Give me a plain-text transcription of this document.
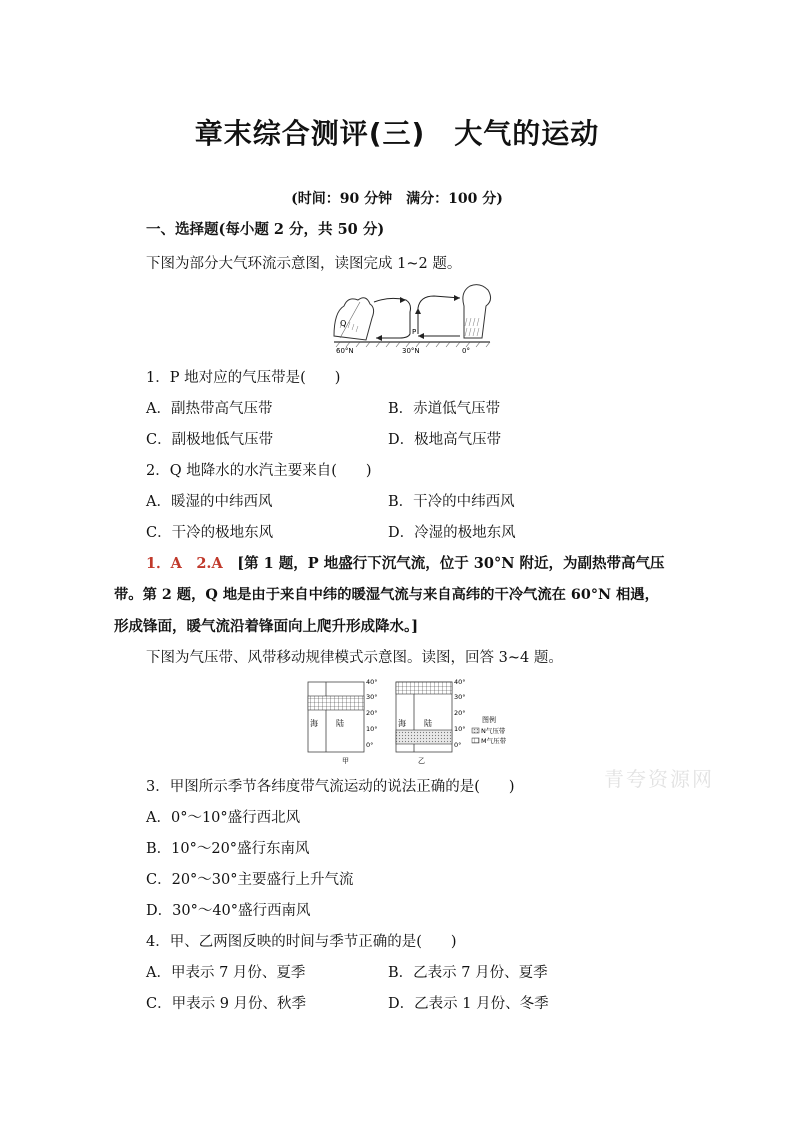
章末综合测评(三)　大气的运动
(时间：90 分钟　满分：100 分)
一、选择题(每小题 2 分，共 50 分)
下图为部分大气环流示意图，读图完成 1~2 题。
Q
P
60°N	30°N	0°
1．P 地对应的气压带是(　　)
A．副热带高气压带	B．赤道低气压带
C．副极地低气压带	D．极地高气压带
2．Q 地降水的水汽主要来自(　　)
A．暖湿的中纬西风	B．干冷的中纬西风
C．干冷的极地东风	D．冷湿的极地东风
1．A　2.A　 [第 1 题，P 地盛行下沉气流，位于 30°N 附近，为副热带高气压
带。第 2 题，Q 地是由于来自中纬的暖湿气流与来自高纬的干冷气流在 60°N 相遇，
形成锋面，暖气流沿着锋面向上爬升形成降水。]
下图为气压带、风带移动规律模式示意图。读图，回答 3~4 题。
海 陆
40°
30°
20°
10°
0°
甲
海 陆
40°
30°
20°
10°
0°
乙
图例
N气压带
M气压带
青夸资源网
3．甲图所示季节各纬度带气流运动的说法正确的是(　　)
A．0°～10°盛行西北风
B．10°～20°盛行东南风
C．20°～30°主要盛行上升气流
D．30°～40°盛行西南风
4．甲、乙两图反映的时间与季节正确的是(　　)
A．甲表示 7 月份、夏季	B．乙表示 7 月份、夏季
C．甲表示 9 月份、秋季	D．乙表示 1 月份、冬季
